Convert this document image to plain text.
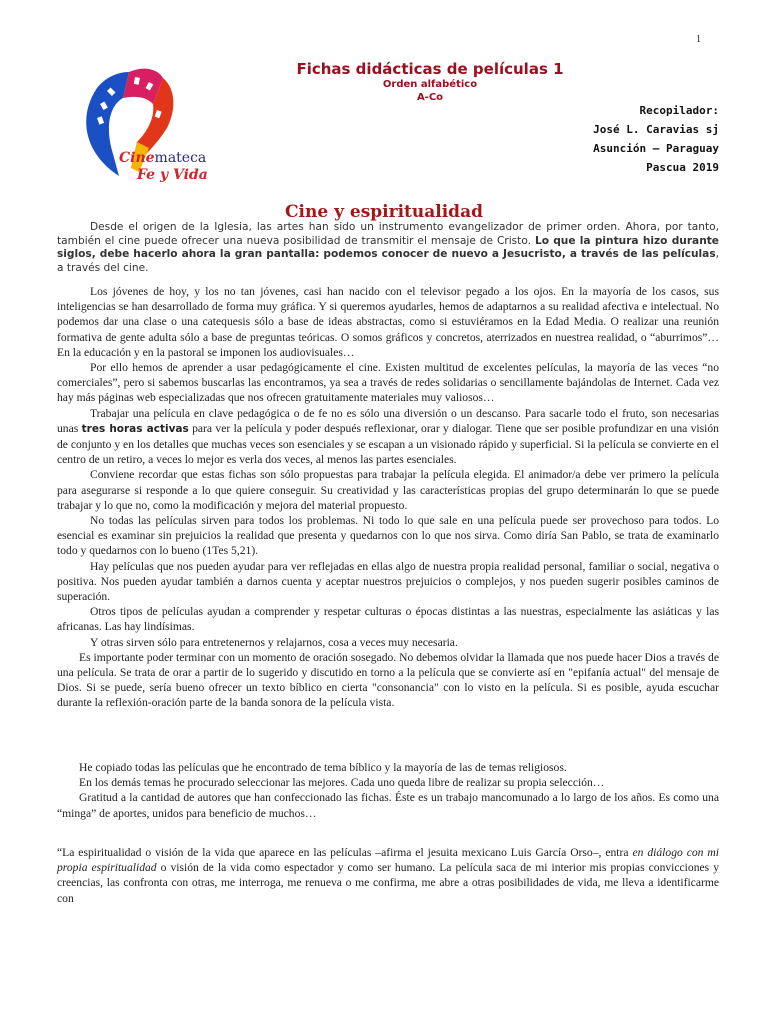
1
Cinemateca
Fe y Vida
Fichas didácticas de películas 1
Orden alfabético
A-Co
Recopilador:
José L. Caravias sj
Asunción – Paraguay
Pascua 2019
Cine y espiritualidad

Desde el origen de la Iglesia, las artes han sido un instrumento evangelizador de primer orden. Ahora, por tanto, también el cine puede ofrecer una nueva posibilidad de transmitir el mensaje de Cristo. Lo que la pintura hizo durante siglos, debe hacerlo ahora la gran pantalla: podemos conocer de nuevo a Jesucristo, a través de las películas, a través del cine.

Los jóvenes de hoy, y los no tan jóvenes, casi han nacido con el televisor pegado a los ojos. En la mayoría de los casos, sus inteligencias se han desarrollado de forma muy gráfica. Y si queremos ayudarles, hemos de adaptarnos a su realidad afectiva e intelectual. No podemos dar una clase o una catequesis sólo a base de ideas abstractas, como si estuviéramos en la Edad Media. O realizar una reunión formativa de gente adulta sólo a base de preguntas teóricas. O somos gráficos y concretos, aterrizados en nuestrea realidad, o “aburrimos”… En la educación y en la pastoral se imponen los audiovisuales…

Por ello hemos de aprender a usar pedagógicamente el cine. Existen multitud de excelentes películas, la mayoría de las veces “no comerciales”, pero si sabemos buscarlas las encontramos, ya sea a través de redes solidarias o sencillamente bajándolas de Internet. Cada vez hay más páginas web especializadas que nos ofrecen gratuitamente materiales muy valiosos…

Trabajar una película en clave pedagógica o de fe no es sólo una diversión o un descanso. Para sacarle todo el fruto, son necesarias unas tres horas activas para ver la película y poder después reflexionar, orar y dialogar. Tiene que ser posible profundizar en una visión de conjunto y en los detalles que muchas veces son esenciales y se escapan a un visionado rápido y superficial. Si la película se convierte en el centro de un retiro, a veces lo mejor es verla dos veces, al menos las partes esenciales.

Conviene recordar que estas fichas son sólo propuestas para trabajar la película elegida. El animador/a debe ver primero la película para asegurarse si responde a lo que quiere conseguir. Su creatividad y las características propias del grupo determinarán lo que se puede trabajar y lo que no, como la modificación y mejora del material propuesto.

No todas las películas sirven para todos los problemas. Ni todo lo que sale en una película puede ser provechoso para todos. Lo esencial es examinar sin prejuicios la realidad que presenta y quedarnos con lo que nos sirva. Como diría San Pablo, se trata de examinarlo todo y quedarnos con lo bueno (1Tes 5,21).

Hay películas que nos pueden ayudar para ver reflejadas en ellas algo de nuestra propia realidad personal, familiar o social, negativa o positiva. Nos pueden ayudar también a darnos cuenta y aceptar nuestros prejuicios o complejos, y nos pueden sugerir posibles caminos de superación.

Otros tipos de películas ayudan a comprender y respetar culturas o épocas distintas a las nuestras, especialmente las asiáticas y las africanas. Las hay lindísimas.

Y otras sirven sólo para entretenernos y relajarnos, cosa a veces muy necesaria.

Es importante poder terminar con un momento de oración sosegado. No debemos olvidar la llamada que nos puede hacer Dios a través de una película. Se trata de orar a partir de lo sugerido y discutido en torno a la película que se convierte así en "epifanía actual" del mensaje de Dios. Si se puede, sería bueno ofrecer un texto bíblico en cierta "consonancia" con lo visto en la película. Si es posible, ayuda escuchar durante la reflexión-oración parte de la banda sonora de la película vista.

He copiado todas las películas que he encontrado de tema bíblico y la mayoría de las de temas religiosos.

En los demás temas he procurado seleccionar las mejores. Cada uno queda libre de realizar su propia selección…

Gratitud a la cantidad de autores que han confeccionado las fichas. Éste es un trabajo mancomunado a lo largo de los años. Es como una “minga” de aportes, unidos para beneficio de muchos…

“La espiritualidad o visión de la vida que aparece en las películas –afirma el jesuita mexicano Luis García Orso–, entra en diálogo con mi propia espiritualidad o visión de la vida como espectador y como ser humano. La película saca de mi interior mis propias convicciones y creencias, las confronta con otras, me interroga, me renueva o me confirma, me abre a otras posibilidades de vida, me lleva a identificarme con
